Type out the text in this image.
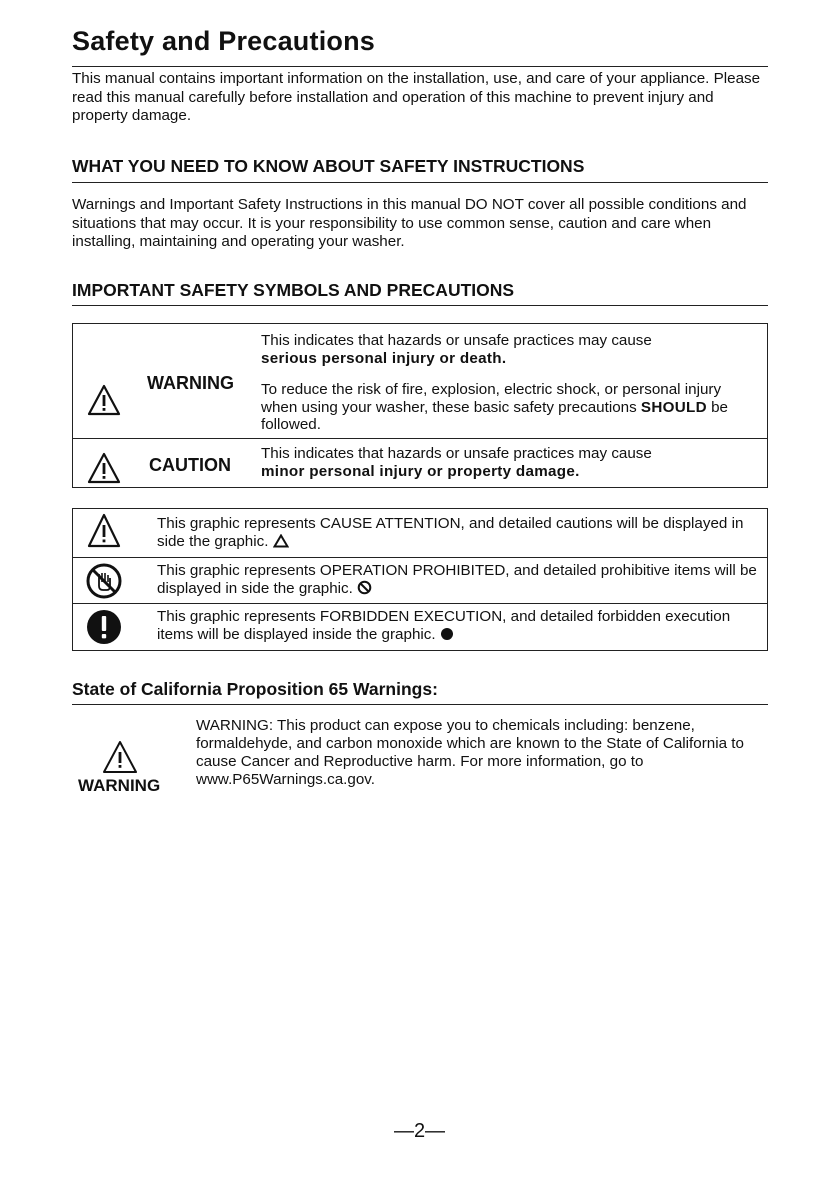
Safety and Precautions

This manual contains important information on the installation, use, and care of your appliance. Please read this manual carefully before installation and operation of this machine to prevent injury and property damage.

WHAT YOU NEED TO KNOW ABOUT SAFETY INSTRUCTIONS

Warnings and Important Safety Instructions in this manual DO NOT cover all possible conditions and situations that may occur. It is your responsibility to use common sense, caution and care when installing, maintaining and operating your washer.

IMPORTANT SAFETY SYMBOLS AND PRECAUTIONS
WARNING
This indicates that hazards or unsafe practices may cause
serious personal injury or death.
To reduce the risk of fire, explosion, electric shock, or personal injury when using your washer, these basic safety precautions SHOULD be followed.
CAUTION
This indicates that hazards or unsafe practices may cause
minor personal injury or property damage.
This graphic represents CAUSE ATTENTION, and detailed cautions will be displayed in side the graphic.
This graphic represents OPERATION PROHIBITED, and detailed prohibitive items will be displayed in side the graphic.
This graphic represents FORBIDDEN EXECUTION, and detailed forbidden execution items will be displayed inside the graphic.
State of California Proposition 65 Warnings:
WARNING
WARNING: This product can expose you to chemicals including: benzene, formaldehyde, and carbon monoxide which are known to the State of California to cause Cancer and Reproductive harm. For more information, go to www.P65Warnings.ca.gov.
—2—
